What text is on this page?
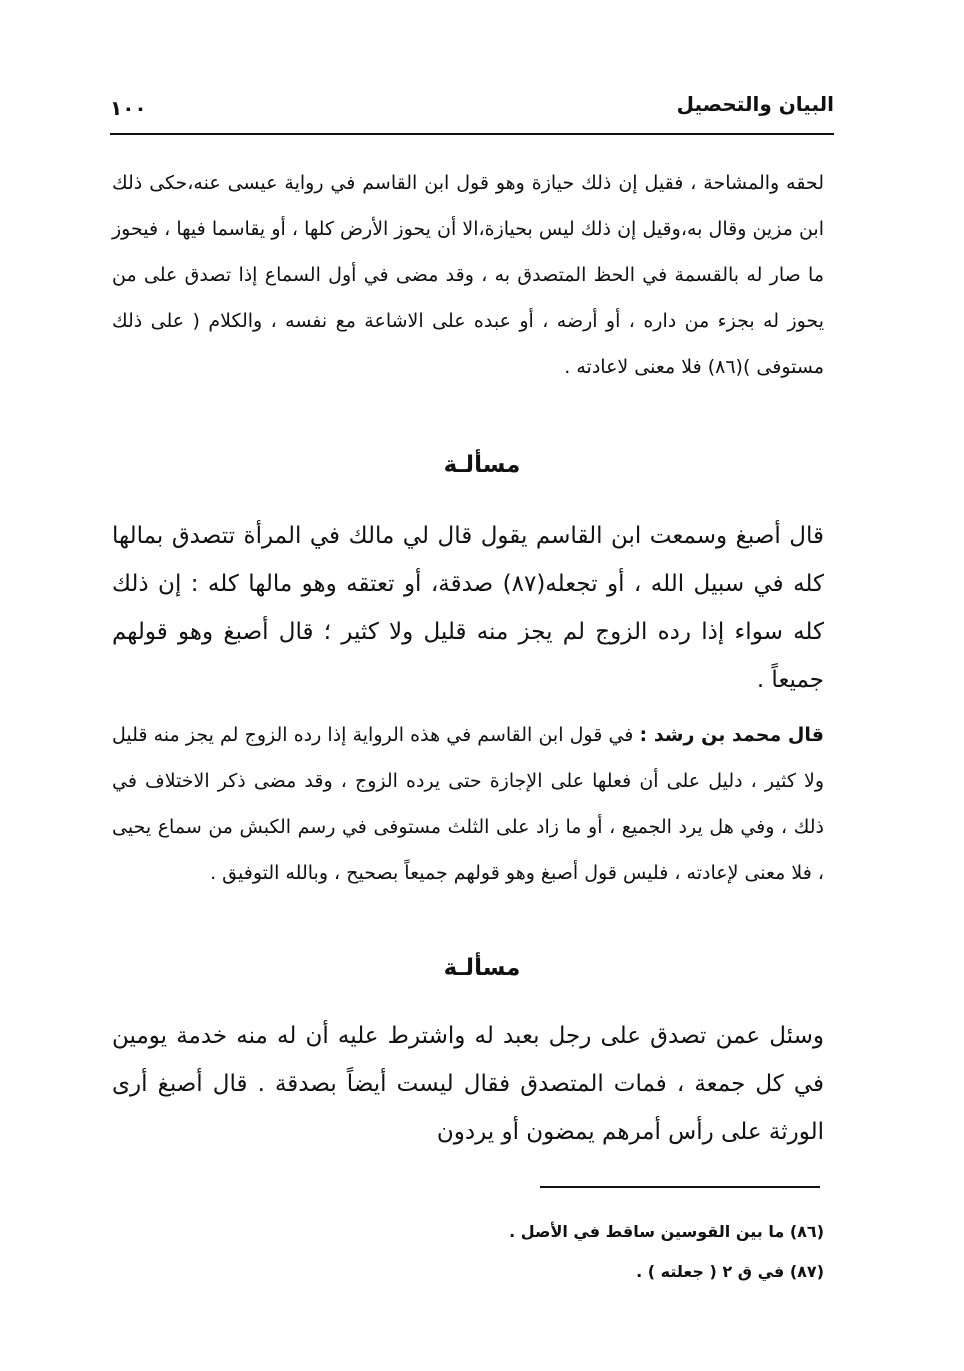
البيان والتحصيل
١٠٠

لحقه والمشاحة ، فقيل إن ذلك حيازة وهو قول ابن القاسم في رواية عيسى عنه،حكى ذلك ابن مزين وقال به،وقيل إن ذلك ليس بحيازة،الا أن يحوز الأرض كلها ، أو يقاسما فيها ، فيحوز ما صار له بالقسمة في الحظ المتصدق به ، وقد مضى في أول السماع إذا تصدق على من يحوز له بجزء من داره ، أو أرضه ، أو عبده على الاشاعة مع نفسه ، والكلام ( على ذلك مستوفى )(٨٦) فلا معنى لاعادته .

مسألـة

قال أصبغ وسمعت ابن القاسم يقول قال لي مالك في المرأة تتصدق بمالها كله في سبيل الله ، أو تجعله(٨٧) صدقة، أو تعتقه وهو مالها كله : إن ذلك كله سواء إذا رده الزوج لم يجز منه قليل ولا كثير ؛ قال أصبغ وهو قولهم جميعاً .

قال محمد بن رشد : في قول ابن القاسم في هذه الرواية إذا رده الزوج لم يجز منه قليل ولا كثير ، دليل على أن فعلها على الإجازة حتى يرده الزوج ، وقد مضى ذكر الاختلاف في ذلك ، وفي هل يرد الجميع ، أو ما زاد على الثلث مستوفى في رسم الكبش من سماع يحيى ، فلا معنى لإعادته ، فليس قول أصبغ وهو قولهم جميعاً بصحيح ، وبالله التوفيق .

مسألـة

وسئل عمن تصدق على رجل بعبد له واشترط عليه أن له منه خدمة يومين في كل جمعة ، فمات المتصدق فقال ليست أيضاً بصدقة . قال أصبغ أرى الورثة على رأس أمرهم يمضون أو يردون

(٨٦) ما بين القوسين ساقط في الأصل .
(٨٧) في ق ٢ ( جعلته ) .
